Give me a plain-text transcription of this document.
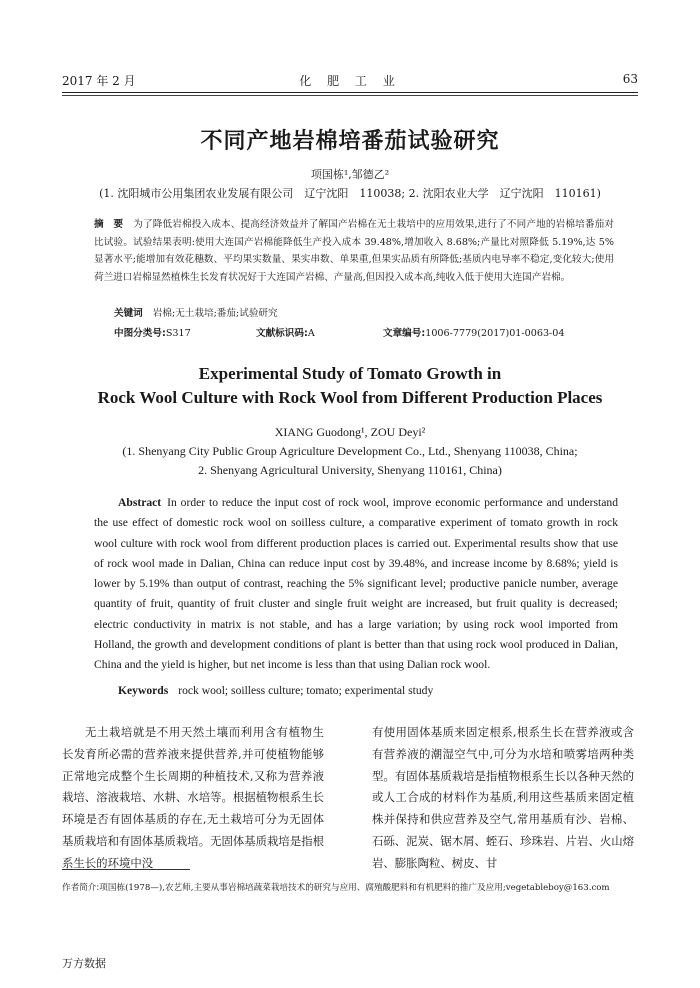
2017 年 2 月	化 肥 工 业	63
不同产地岩棉培番茄试验研究
项国栋¹,邹德乙²
(1. 沈阳城市公用集团农业发展有限公司　辽宁沈阳　110038; 2. 沈阳农业大学　辽宁沈阳　110161)
摘　要 为了降低岩棉投入成本、提高经济效益并了解国产岩棉在无土栽培中的应用效果,进行了不同产地的岩棉培番茄对比试验。试验结果表明:使用大连国产岩棉能降低生产投入成本 39.48%,增加收入 8.68%;产量比对照降低 5.19%,达 5%显著水平;能增加有效花穗数、平均果实数量、果实串数、单果重,但果实品质有所降低;基质内电导率不稳定,变化较大;使用荷兰进口岩棉显然植株生长发育状况好于大连国产岩棉、产量高,但因投入成本高,纯收入低于使用大连国产岩棉。
关键词 岩棉;无土栽培;番茄;试验研究
中图分类号:S317	文献标识码:A	文章编号:1006-7779(2017)01-0063-04
Experimental Study of Tomato Growth in
Rock Wool Culture with Rock Wool from Different Production Places
XIANG Guodong¹, ZOU Deyi²
(1. Shenyang City Public Group Agriculture Development Co., Ltd., Shenyang 110038, China;
2. Shenyang Agricultural University, Shenyang 110161, China)
Abstract In order to reduce the input cost of rock wool, improve economic performance and understand the use effect of domestic rock wool on soilless culture, a comparative experiment of tomato growth in rock wool culture with rock wool from different production places is carried out. Experimental results show that use of rock wool made in Dalian, China can reduce input cost by 39.48%, and increase income by 8.68%; yield is lower by 5.19% than output of contrast, reaching the 5% significant level; productive panicle number, average quantity of fruit, quantity of fruit cluster and single fruit weight are increased, but fruit quality is decreased; electric conductivity in matrix is not stable, and has a large variation; by using rock wool imported from Holland, the growth and development conditions of plant is better than that using rock wool produced in Dalian, China and the yield is higher, but net income is less than that using Dalian rock wool.
Keywords rock wool; soilless culture; tomato; experimental study
无土栽培就是不用天然土壤而利用含有植物生长发育所必需的营养液来提供营养,并可使植物能够正常地完成整个生长周期的种植技术,又称为营养液栽培、溶液栽培、水耕、水培等。根据植物根系生长环境是否有固体基质的存在,无土栽培可分为无固体基质栽培和有固体基质栽培。无固体基质栽培是指根系生长的环境中没
有使用固体基质来固定根系,根系生长在营养液或含有营养液的潮湿空气中,可分为水培和喷雾培两种类型。有固体基质栽培是指植物根系生长以各种天然的或人工合成的材料作为基质,利用这些基质来固定植株并保持和供应营养及空气,常用基质有沙、岩棉、石砾、泥炭、锯木屑、蛭石、珍珠岩、片岩、火山熔岩、膨胀陶粒、树皮、甘
作者简介:项国栋(1978—),农艺师,主要从事岩棉培蔬菜栽培技术的研究与应用、腐殖酸肥料和有机肥料的推广及应用;vegetableboy@163.com
万方数据
